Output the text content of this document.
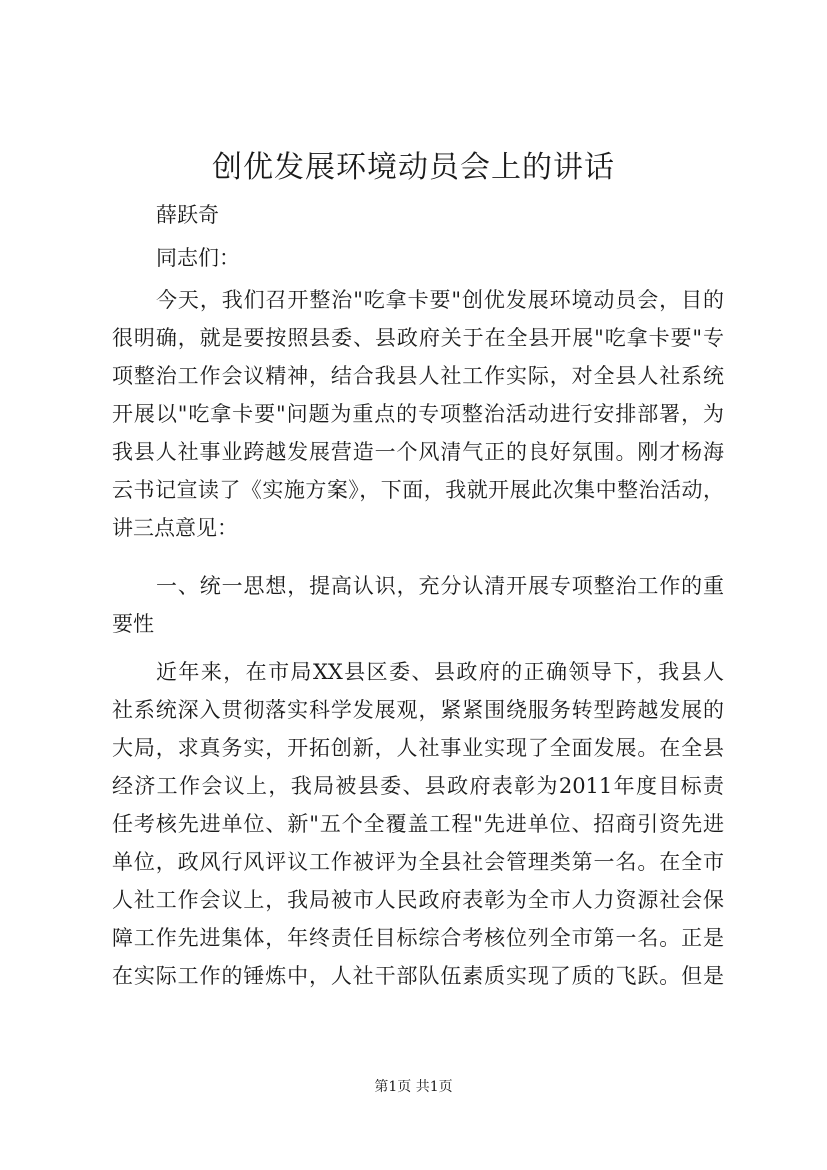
创优发展环境动员会上的讲话
薛跃奇
同志们：
今天，我们召开整治"吃拿卡要"创优发展环境动员会，目的
很明确，就是要按照县委、县政府关于在全县开展"吃拿卡要"专
项整治工作会议精神，结合我县人社工作实际，对全县人社系统
开展以"吃拿卡要"问题为重点的专项整治活动进行安排部署，为
我县人社事业跨越发展营造一个风清气正的良好氛围。刚才杨海
云书记宣读了《实施方案》，下面，我就开展此次集中整治活动，
讲三点意见：
一、统一思想，提高认识，充分认清开展专项整治工作的重
要性
近年来，在市局XX县区委、县政府的正确领导下，我县人
社系统深入贯彻落实科学发展观，紧紧围绕服务转型跨越发展的
大局，求真务实，开拓创新，人社事业实现了全面发展。在全县
经济工作会议上，我局被县委、县政府表彰为2011年度目标责
任考核先进单位、新"五个全覆盖工程"先进单位、招商引资先进
单位，政风行风评议工作被评为全县社会管理类第一名。在全市
人社工作会议上，我局被市人民政府表彰为全市人力资源社会保
障工作先进集体，年终责任目标综合考核位列全市第一名。正是
在实际工作的锤炼中，人社干部队伍素质实现了质的飞跃。但是
第1页 共1页
